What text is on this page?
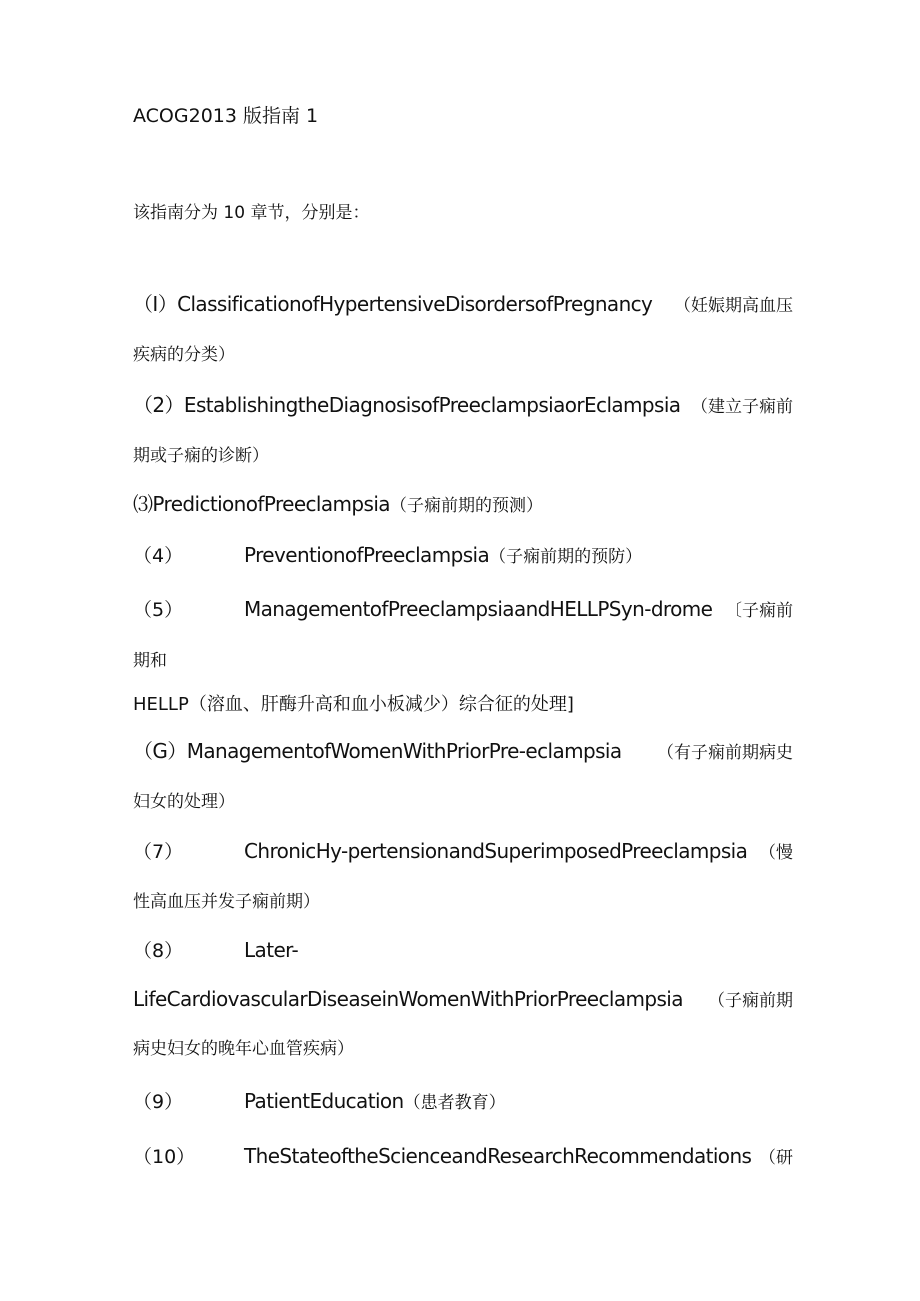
ACOG2013 版指南 1
该指南分为 10 章节，分别是：
（I）ClassificationofHypertensiveDisordersofPregnancy （妊娠期高血压
疾病的分类）
（2）EstablishingtheDiagnosisofPreeclampsiaorEclampsia （建立子痫前
期或子痫的诊断）
⑶PredictionofPreeclampsia（子痫前期的预测）
（4）	PreventionofPreeclampsia（子痫前期的预防）
（5）	ManagementofPreeclampsiaandHELLPSyn-drome 〔子痫前
期和
HELLP（溶血、肝酶升高和血小板减少）综合征的处理]
（G）ManagementofWomenWithPriorPre-eclampsia （有子痫前期病史
妇女的处理）
（7）	ChronicHy-pertensionandSuperimposedPreeclampsia （慢
性高血压并发子痫前期）
（8）	Later-
LifeCardiovascularDiseaseinWomenWithPriorPreeclampsia （子痫前期
病史妇女的晚年心血管疾病）
（9）	PatientEducation（患者教育）
（10） TheStateoftheScienceandResearchRecommendations （研
